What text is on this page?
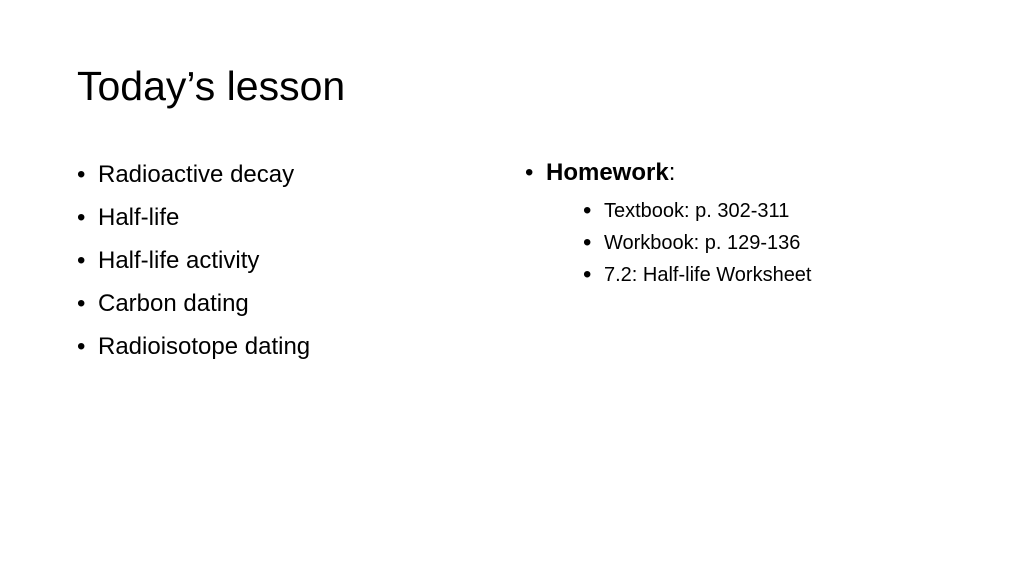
Today’s lesson
• Radioactive decay
• Half-life
• Half-life activity
• Carbon dating
• Radioisotope dating
• Homework:
• Textbook: p. 302-311
• Workbook: p. 129-136
• 7.2: Half-life Worksheet
